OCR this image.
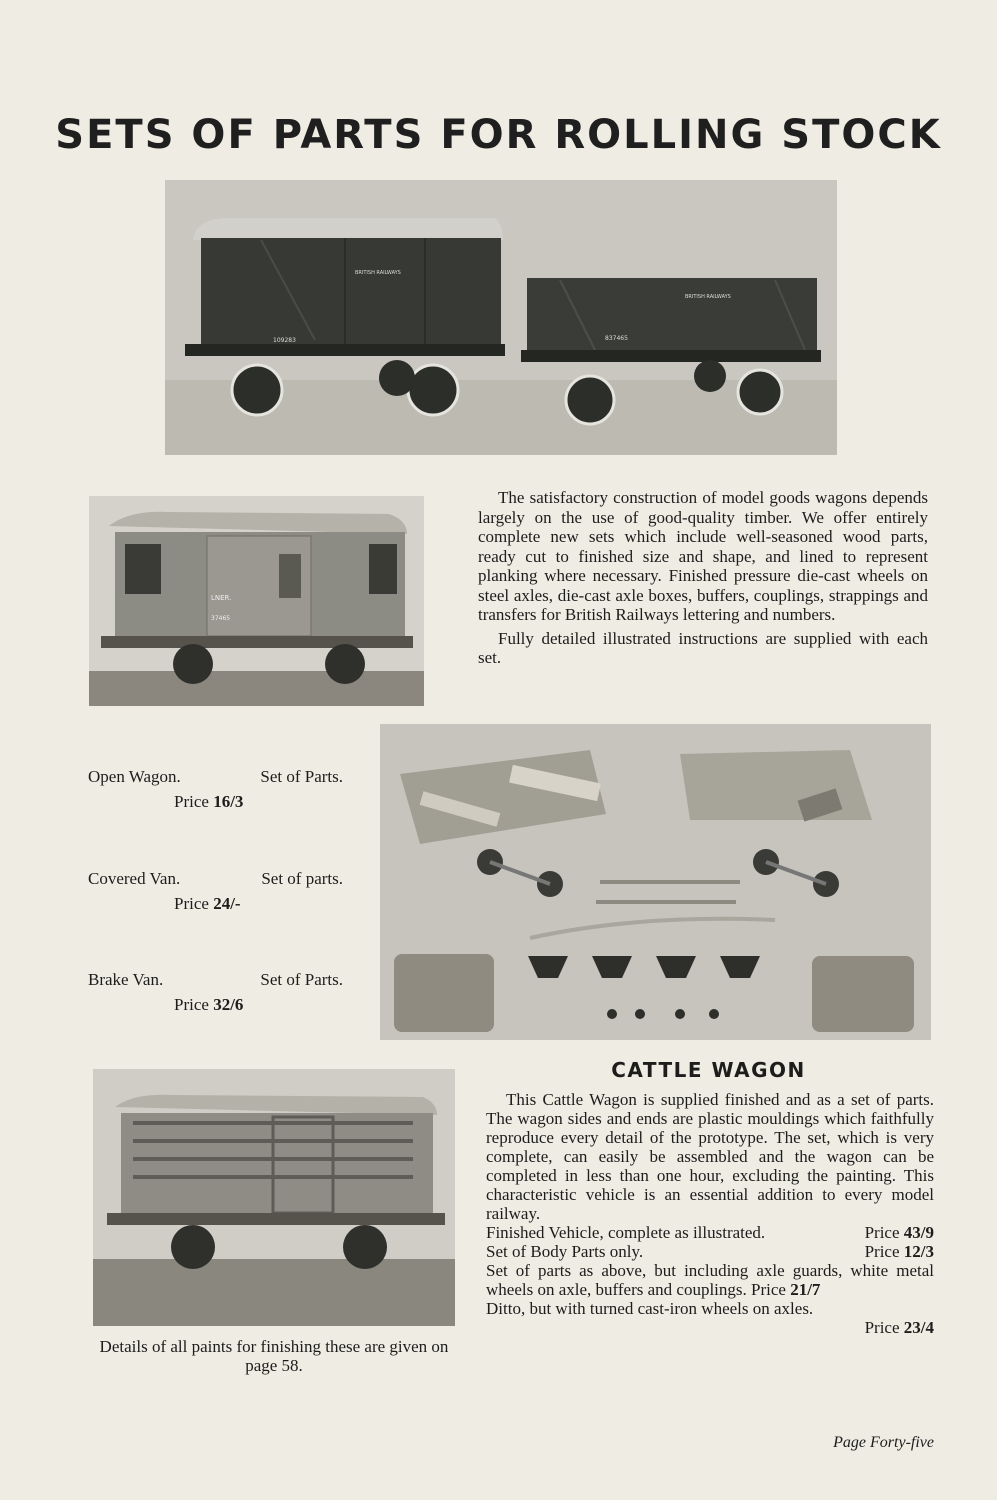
SETS OF PARTS FOR ROLLING STOCK
BRITISH RAILWAYS
109283
BRITISH RAILWAYS
837465
LNER.
37465

The satisfactory construction of model goods wagons depends largely on the use of good-quality timber. We offer entirely complete new sets which include well-seasoned wood parts, ready cut to finished size and shape, and lined to represent planking where necessary. Finished pressure die-cast wheels on steel axles, die-cast axle boxes, buffers, couplings, strappings and transfers for British Railways lettering and numbers.

Fully detailed illustrated instructions are supplied with each set.

Open Wagon.	Set of Parts.
Price 16/3
Covered Van.	Set of parts.
Price 24/-
Brake Van.	Set of Parts.
Price 32/6
CATTLE WAGON

This Cattle Wagon is supplied finished and as a set of parts. The wagon sides and ends are plastic mouldings which faithfully reproduce every detail of the prototype. The set, which is very complete, can easily be assembled and the wagon can be completed in less than one hour, excluding the painting. This characteristic vehicle is an essential addition to every model railway.

Finished Vehicle, complete as illustrated.	Price 43/9
Set of Body Parts only.	Price 12/3
Set of parts as above, but including axle guards, white metal wheels on axle, buffers and couplings. Price 21/7
Ditto, but with turned cast-iron wheels on axles.
Price 23/4
Details of all paints for finishing these are given on page 58.
Page Forty-five
